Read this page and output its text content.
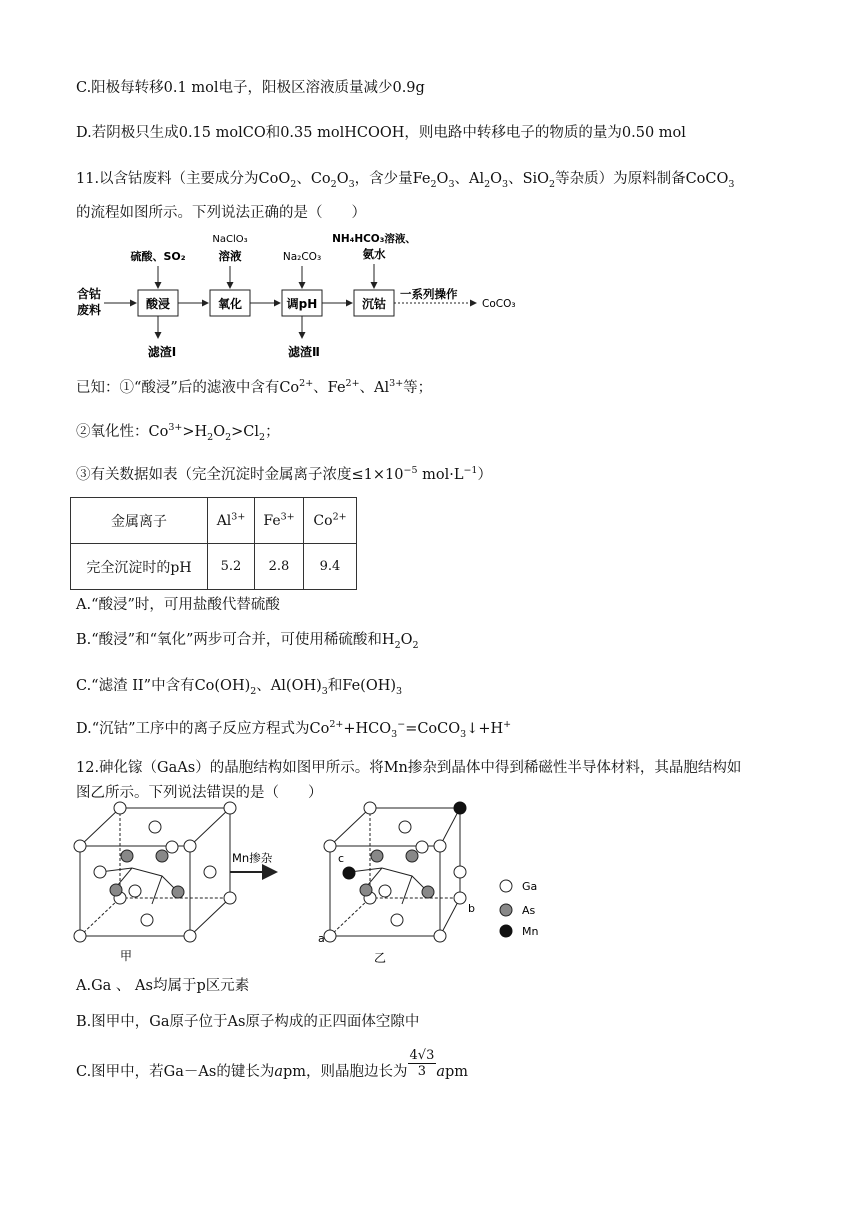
C.阳极每转移0.1 mol电子，阳极区溶液质量减少0.9g
D.若阴极只生成0.15 molCO和0.35 molHCOOH，则电路中转移电子的物质的量为0.50 mol
11.以含钴废料（主要成分为CoO$_2$、$Co_2O_3$，含少量$Fe_2O_3$、$Al_2O_3$、SiO$_2$等杂质）为原料制备CoCO$_3$
的流程如图所示。下列说法正确的是（　　）
含钴
废料	酸浸	氧化	调pH	沉钴
一系列操作
CoCO₃
硫酸、SO₂
NaClO₃
溶液	Na₂CO₃
NH₄HCO₃溶液、
氨水
滤渣Ⅰ	滤渣Ⅱ
已知：①“酸浸”后的滤液中含有$Co^{2+}$、$Fe^{2+}$、$Al^{3+}$等；
②氧化性：$Co^{3+}>H_2O_2>Cl_2$；
③有关数据如表（完全沉淀时金属离子浓度$\le 1\times 10^{-5}$ $mol\cdot L^{-1}$）
金属离子	$Al^{3+}$	$Fe^{3+}$	$Co^{2+}$
完全沉淀时的pH	5.2	2.8	9.4
A.“酸浸”时，可用盐酸代替硫酸
B.“酸浸”和“氧化”两步可合并，可使用稀硫酸和$H_2O_2$
C.“滤渣 II”中含有$Co(OH)_2$、$Al(OH)_3$和$Fe(OH)_3$
D.“沉钴”工序中的离子反应方程式为$Co^{2+}+HCO_3^-=CoCO_3↓+H^+$
12.砷化镓（GaAs）的晶胞结构如图甲所示。将Mn掺杂到晶体中得到稀磁性半导体材料，其晶胞结构如
图乙所示。下列说法错误的是（　　）
Mn掺杂
a
b
c
甲	乙
Ga
As
Mn
A.Ga 、 As均属于p区元素
B.图甲中，Ga原子位于As原子构成的正四面体空隙中
C.图甲中，若Ga－As的键长为apm，则晶胞边长为 $\frac{4√3}{3}$ apm
